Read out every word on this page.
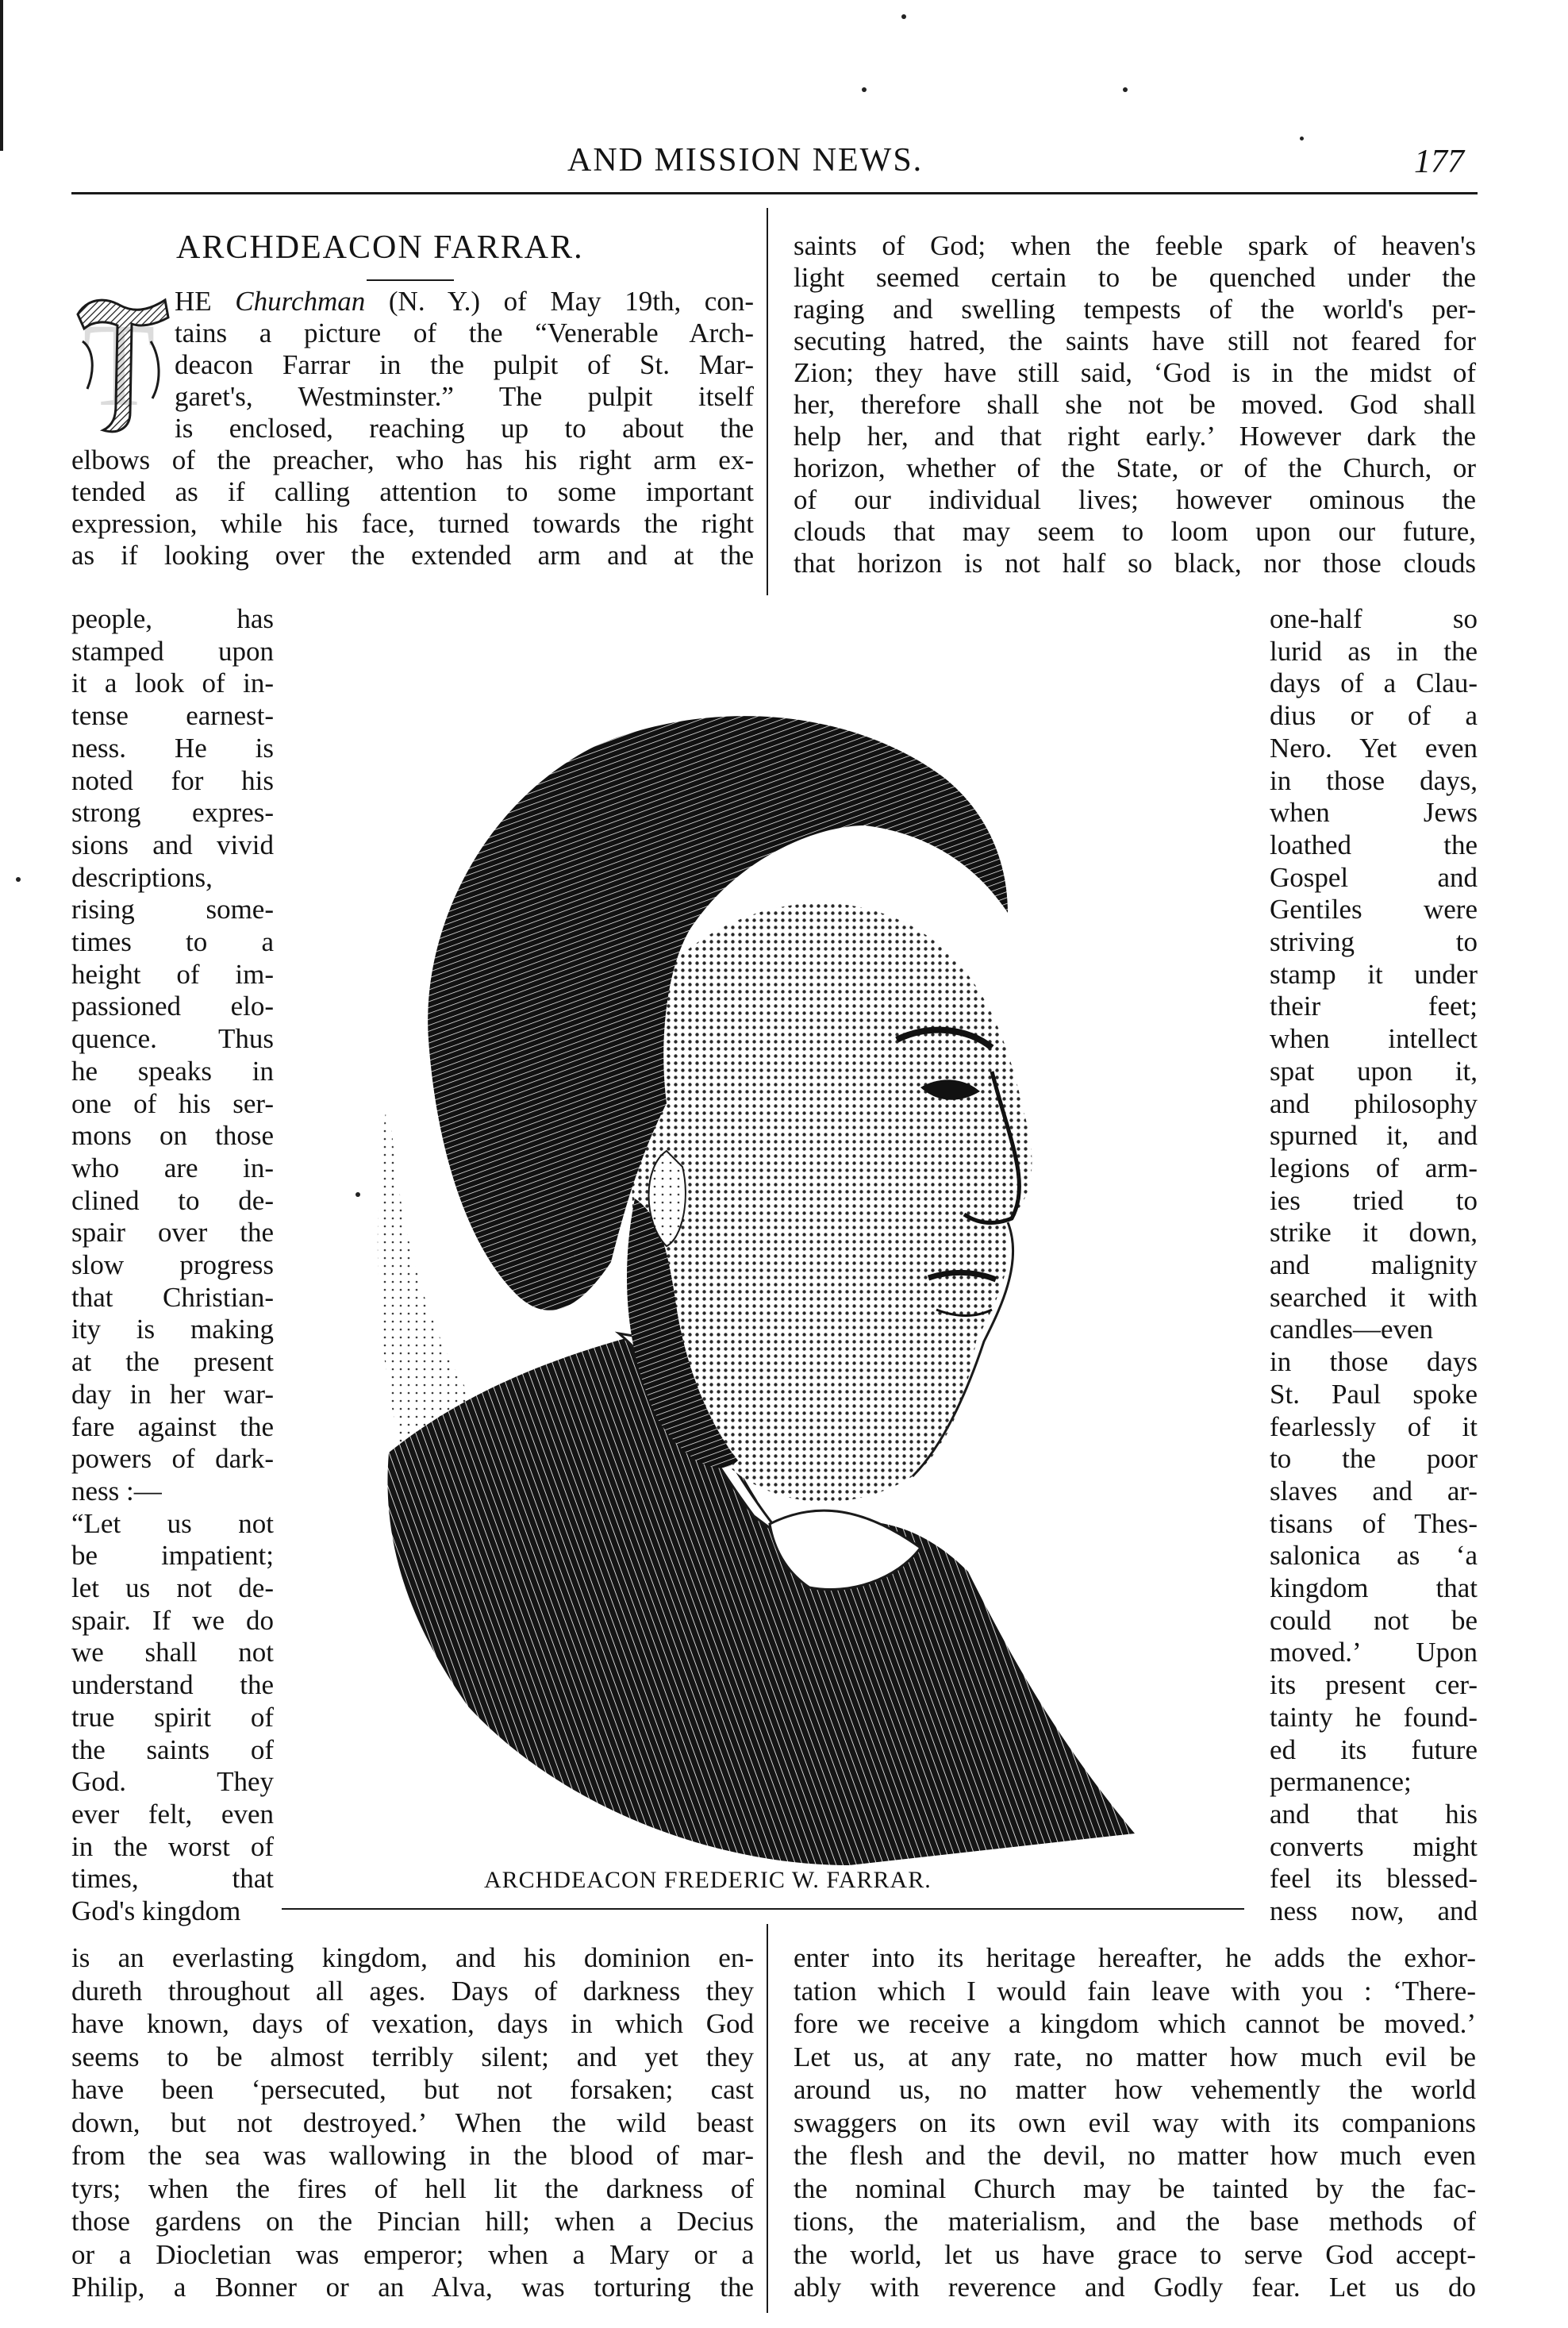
AND MISSION NEWS.	177
ARCHDEACON FARRAR.
T HE Churchman (N. Y.) of May 19th, con-
tains a picture of the “Venerable Arch-
deacon Farrar in the pulpit of St. Mar-
garet's, Westminster.” The pulpit itself
is enclosed, reaching up to about the
elbows of the preacher, who has his right arm ex-
tended as if calling attention to some important
expression, while his face, turned towards the right
as if looking over the extended arm and at the
saints of God; when the feeble spark of heaven's
light seemed certain to be quenched under the
raging and swelling tempests of the world's per-
secuting hatred, the saints have still not feared for
Zion; they have still said, ‘God is in the midst of
her, therefore shall she not be moved. God shall
help her, and that right early.’ However dark the
horizon, whether of the State, or of the Church, or
of our individual lives; however ominous the
clouds that may seem to loom upon our future,
that horizon is not half so black, nor those clouds
people, has
stamped upon
it a look of in-
tense earnest-
ness. He is
noted for his
strong expres-
sions and vivid
descriptions,
rising some-
times to a
height of im-
passioned elo-
quence. Thus
he speaks in
one of his ser-
mons on those
who are in-
clined to de-
spair over the
slow progress
that Christian-
ity is making
at the present
day in her war-
fare against the
powers of dark-
ness :—
“Let us not
be impatient;
let us not de-
spair. If we do
we shall not
understand the
true spirit of
the saints of
God. They
ever felt, even
in the worst of
times, that
God's kingdom
one-half so
lurid as in the
days of a Clau-
dius or of a
Nero. Yet even
in those days,
when Jews
loathed the
Gospel and
Gentiles were
striving to
stamp it under
their feet;
when intellect
spat upon it,
and philosophy
spurned it, and
legions of arm-
ies tried to
strike it down,
and malignity
searched it with
candles—even
in those days
St. Paul spoke
fearlessly of it
to the poor
slaves and ar-
tisans of Thes-
salonica as ‘a
kingdom that
could not be
moved.’ Upon
its present cer-
tainty he found-
ed its future
permanence;
and that his
converts might
feel its blessed-
ness now, and
ARCHDEACON FREDERIC W. FARRAR.
is an everlasting kingdom, and his dominion en-
dureth throughout all ages. Days of darkness they
have known, days of vexation, days in which God
seems to be almost terribly silent; and yet they
have been ‘persecuted, but not forsaken; cast
down, but not destroyed.’ When the wild beast
from the sea was wallowing in the blood of mar-
tyrs; when the fires of hell lit the darkness of
those gardens on the Pincian hill; when a Decius
or a Diocletian was emperor; when a Mary or a
Philip, a Bonner or an Alva, was torturing the
enter into its heritage hereafter, he adds the exhor-
tation which I would fain leave with you : ‘There-
fore we receive a kingdom which cannot be moved.’
Let us, at any rate, no matter how much evil be
around us, no matter how vehemently the world
swaggers on its own evil way with its companions
the flesh and the devil, no matter how much even
the nominal Church may be tainted by the fac-
tions, the materialism, and the base methods of
the world, let us have grace to serve God accept-
ably with reverence and Godly fear. Let us do
